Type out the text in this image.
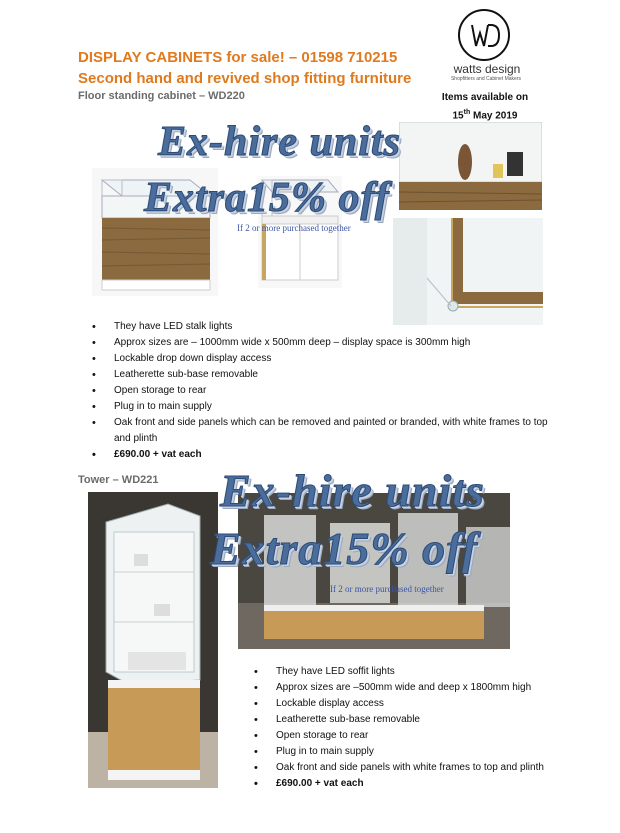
DISPLAY CABINETS for sale! – 01598 710215
Second hand and revived shop fitting furniture
Floor standing cabinet – WD220
watts design
Shopfitters and Cabinet Makers
Items available on
15th May 2019
Ex-hire units
Extra15% off
If 2 or more purchased together
• They have LED stalk lights
• Approx sizes are – 1000mm wide x 500mm deep – display space is 300mm high
• Lockable drop down display access
• Leatherette sub-base removable
• Open storage to rear
• Plug in to main supply
• Oak front and side panels which can be removed and painted or branded, with white frames to top and plinth
• £690.00 + vat each
Tower – WD221 Ex-hire units
Extra15% off
If 2 or more purchased together
• They have LED soffit lights
• Approx sizes are –500mm wide and deep x 1800mm high
• Lockable display access
• Leatherette sub-base removable
• Open storage to rear
• Plug in to main supply
• Oak front and side panels with white frames to top and plinth
• £690.00 + vat each
